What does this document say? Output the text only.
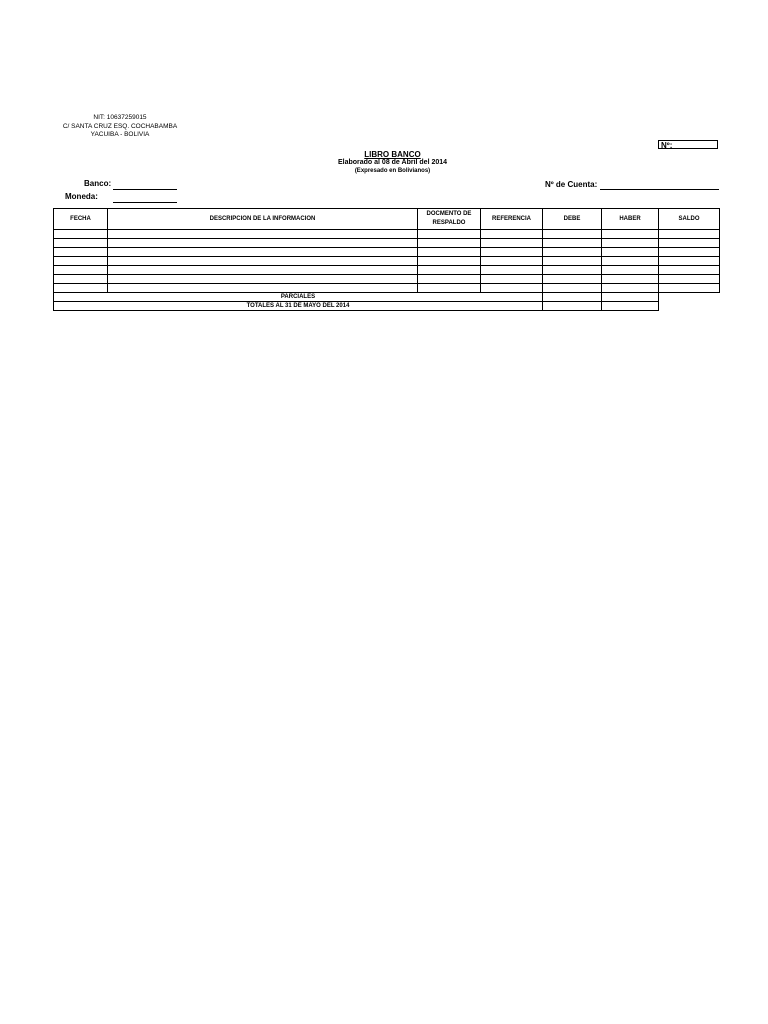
NIT: 10637259015
C/ SANTA CRUZ ESQ. COCHABAMBA
YACUIBA - BOLIVIA
Nº:
LIBRO BANCO
Elaborado al 08 de Abril del 2014
(Expresado en Bolivianos)
Banco:
Moneda:
Nº de Cuenta:
FECHA	DESCRIPCION DE LA INFORMACION	DOCMENTO DE RESPALDO	REFERENCIA	DEBE	HABER	SALDO

PARCIALES						
TOTALES AL 31 DE MAYO DEL 2014						
